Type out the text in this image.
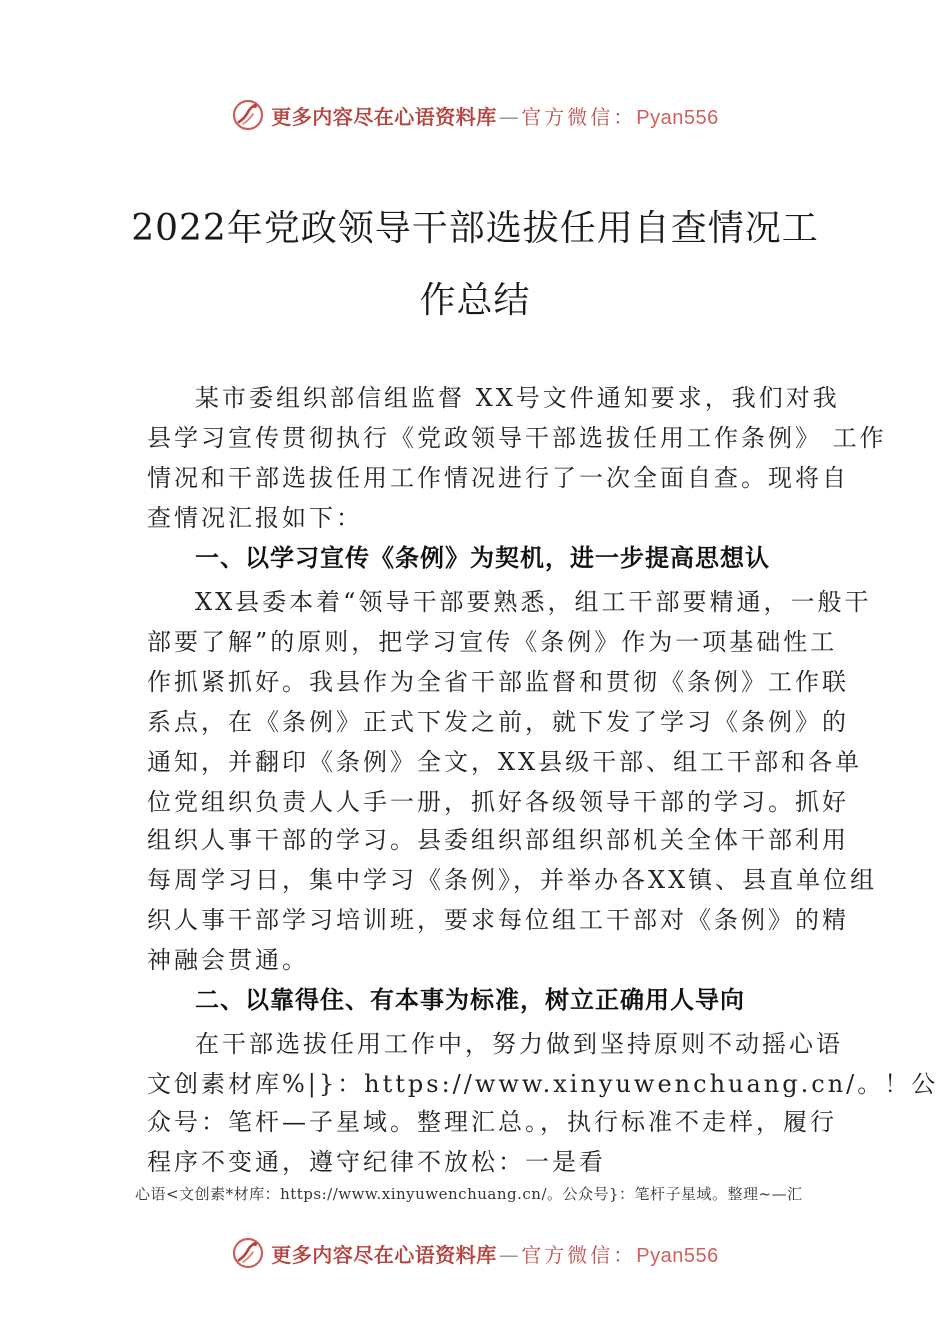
更多内容尽在心语资料库 — 官方微信：Pyan556
2022年党政领导干部选拔任用自查情况工
作总结
某市委组织部信组监督 XX号文件通知要求，我们对我
县学习宣传贯彻执行《党政领导干部选拔任用工作条例》 工作
情况和干部选拔任用工作情况进行了一次全面自查。现将自
查情况汇报如下：
一、以学习宣传《条例》为契机，进一步提高思想认
XX县委本着“领导干部要熟悉，组工干部要精通，一般干
部要了解”的原则，把学习宣传《条例》作为一项基础性工
作抓紧抓好。我县作为全省干部监督和贯彻《条例》工作联
系点，在《条例》正式下发之前，就下发了学习《条例》的
通知，并翻印《条例》全文，XX县级干部、组工干部和各单
位党组织负责人人手一册，抓好各级领导干部的学习。抓好
组织人事干部的学习。县委组织部组织部机关全体干部利用
每周学习日，集中学习《条例》，并举办各XX镇、县直单位组
织人事干部学习培训班，要求每位组工干部对《条例》的精
神融会贯通。
二、以靠得住、有本事为标准，树立正确用人导向
在干部选拔任用工作中，努力做到坚持原则不动摇心语
文创素材库%|}：https://www.xinyuwenchuang.cn/。！公
众号：笔杆—子星域。整理汇总。，执行标准不走样，履行
程序不变通，遵守纪律不放松：一是看
心语<文创素*材库：https://www.xinyuwenchuang.cn/。公众号}：笔杆子星域。整理~—汇
更多内容尽在心语资料库 — 官方微信：Pyan556
